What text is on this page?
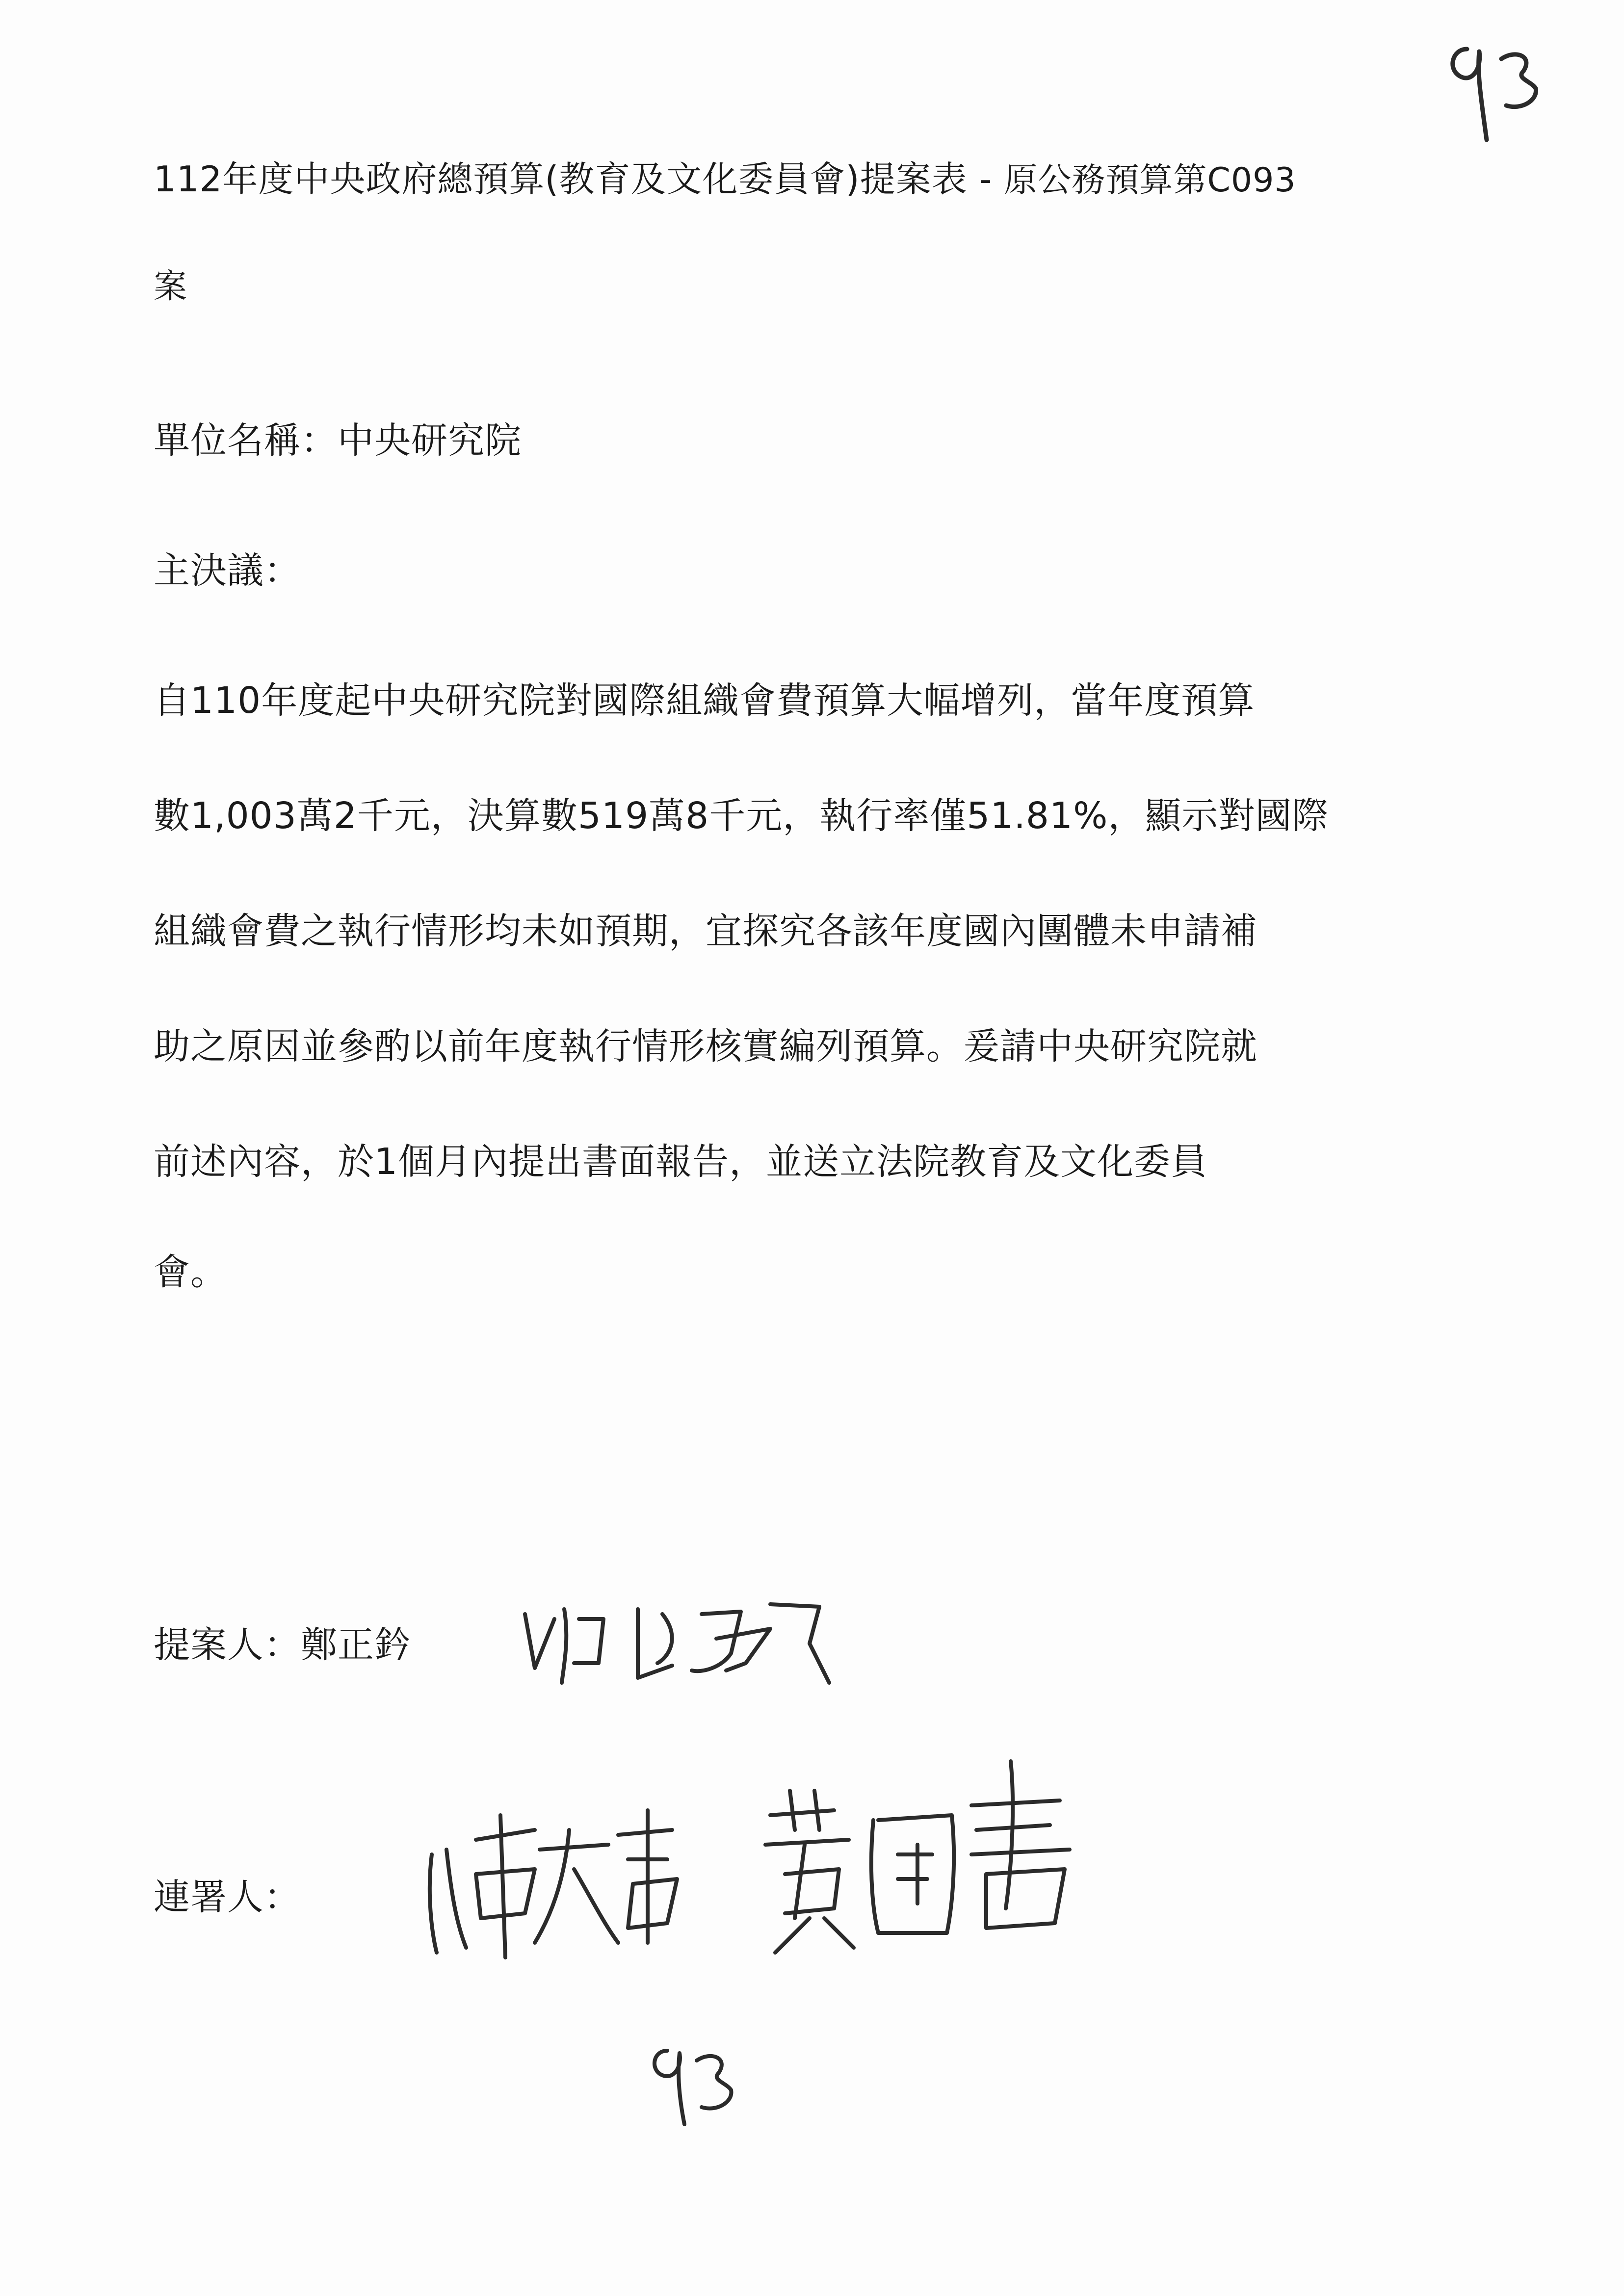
112年度中央政府總預算(教育及文化委員會)提案表 - 原公務預算第C093
案
單位名稱：中央研究院
主決議：
自110年度起中央研究院對國際組織會費預算大幅增列，當年度預算
數1,003萬2千元，決算數519萬8千元，執行率僅51.81%，顯示對國際
組織會費之執行情形均未如預期，宜探究各該年度國內團體未申請補
助之原因並參酌以前年度執行情形核實編列預算。爰請中央研究院就
前述內容，於1個月內提出書面報告，並送立法院教育及文化委員
會。
提案人：鄭正鈐
連署人：
